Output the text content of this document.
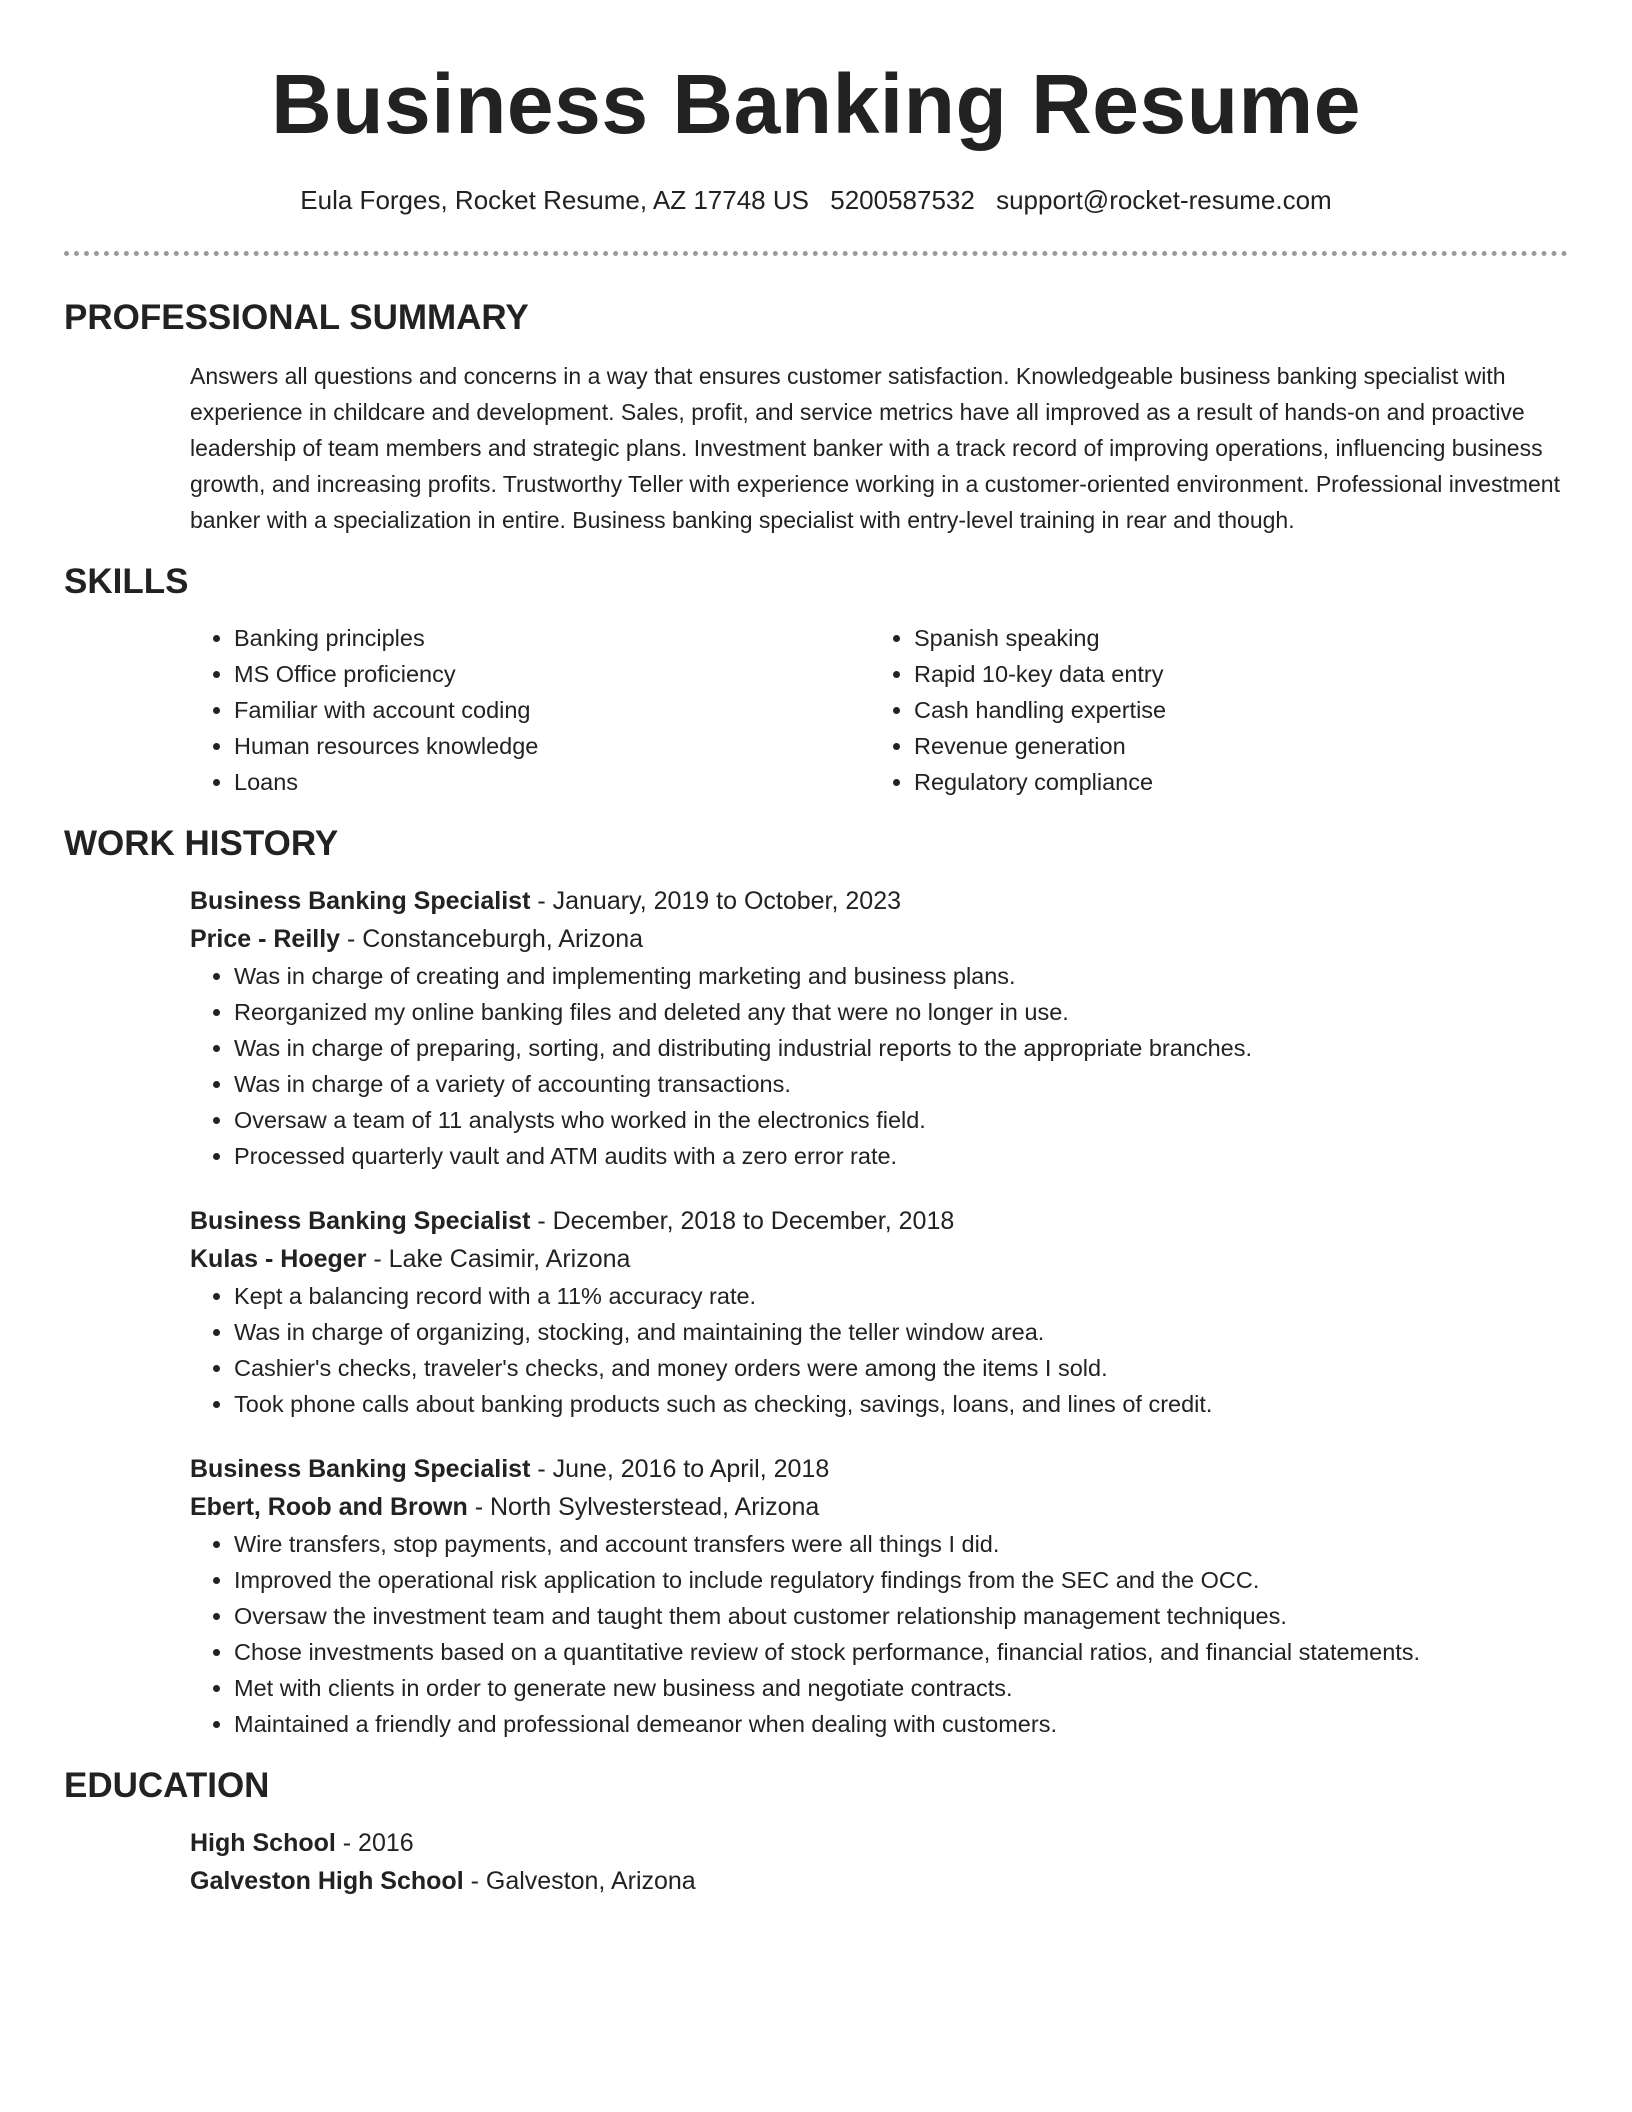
Business Banking Resume
Eula Forges, Rocket Resume, AZ 17748 US 5200587532 support@rocket-resume.com
PROFESSIONAL SUMMARY

Answers all questions and concerns in a way that ensures customer satisfaction. Knowledgeable business banking specialist with experience in childcare and development. Sales, profit, and service metrics have all improved as a result of hands-on and proactive leadership of team members and strategic plans. Investment banker with a track record of improving operations, influencing business growth, and increasing profits. Trustworthy Teller with experience working in a customer-oriented environment. Professional investment banker with a specialization in entire. Business banking specialist with entry-level training in rear and though.

SKILLS
• Banking principles
• MS Office proficiency
• Familiar with account coding
• Human resources knowledge
• Loans
• Spanish speaking
• Rapid 10-key data entry
• Cash handling expertise
• Revenue generation
• Regulatory compliance
WORK HISTORY
Business Banking Specialist - January, 2019 to October, 2023
Price - Reilly - Constanceburgh, Arizona
• Was in charge of creating and implementing marketing and business plans.
• Reorganized my online banking files and deleted any that were no longer in use.
• Was in charge of preparing, sorting, and distributing industrial reports to the appropriate branches.
• Was in charge of a variety of accounting transactions.
• Oversaw a team of 11 analysts who worked in the electronics field.
• Processed quarterly vault and ATM audits with a zero error rate.
Business Banking Specialist - December, 2018 to December, 2018
Kulas - Hoeger - Lake Casimir, Arizona
• Kept a balancing record with a 11% accuracy rate.
• Was in charge of organizing, stocking, and maintaining the teller window area.
• Cashier's checks, traveler's checks, and money orders were among the items I sold.
• Took phone calls about banking products such as checking, savings, loans, and lines of credit.
Business Banking Specialist - June, 2016 to April, 2018
Ebert, Roob and Brown - North Sylvesterstead, Arizona
• Wire transfers, stop payments, and account transfers were all things I did.
• Improved the operational risk application to include regulatory findings from the SEC and the OCC.
• Oversaw the investment team and taught them about customer relationship management techniques.
• Chose investments based on a quantitative review of stock performance, financial ratios, and financial statements.
• Met with clients in order to generate new business and negotiate contracts.
• Maintained a friendly and professional demeanor when dealing with customers.
EDUCATION
High School - 2016
Galveston High School - Galveston, Arizona
